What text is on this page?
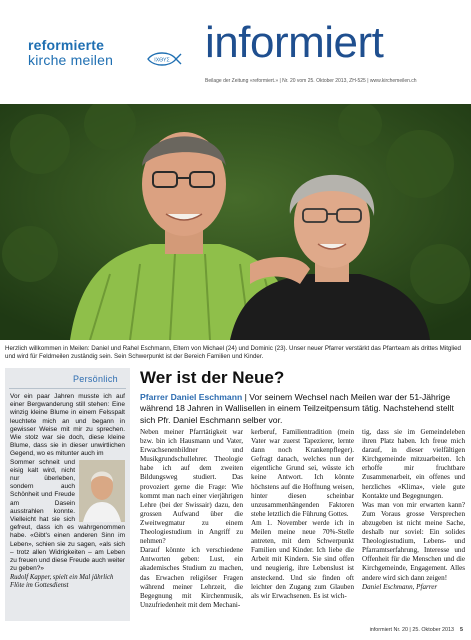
reformierte
kirche meilen	ΙΧΘΥΣ informiert
Beilage der Zeitung «reformiert.» | Nr. 20 vom 25. Oktober 2013, ZH-525 | www.kirchemeilen.ch
Herzlich willkommen in Meilen: Daniel und Rahel Eschmann, Eltern von Michael (24) und Dominic (23). Unser neuer Pfarrer verstärkt das Pfarrteam als drittes Mitglied und wird für Feldmeilen zuständig sein. Sein Schwerpunkt ist der Bereich Familien und Kinder.
Persönlich
Vor ein paar Jahren musste ich auf einer Bergwanderung still stehen: Eine winzig kleine Blume in einem Felsspalt leuchtete mich an und begann in gewisser Weise mit mir zu sprechen. Wie stolz war sie doch, diese kleine Blume, dass sie in dieser unwirtlichen Gegend, wo es mitunter auch im
Sommer schneit und eisig kalt wird, nicht nur überleben, sondern auch Schönheit und Freude am Dasein ausstrahlen konnte. Vielleicht hat sie sich gefreut, dass ich es wahrgenommen habe. «Gibt's einen anderen Sinn im Leben», schien sie zu sagen, «als sich – trotz allen Widrigkeiten – am Leben zu freuen und diese Freude auch weiter zu geben?»
Rudolf Kapper, spielt ein Mal jährlich Flöte im Gottesdienst
Wer ist der Neue?
Pfarrer Daniel Eschmann | Vor seinem Wechsel nach Meilen war der 51-Jährige während 18 Jahren in Wallisellen in einem Teilzeitpensum tätig. Nachstehend stellt sich Pfr. Daniel Eschmann selber vor.
Neben meiner Pfarrtätigkeit war bzw. bin ich Hausmann und Vater, Erwachsenenbildner und Musikgrundschullehrer. Theologie habe ich auf dem zweiten Bildungsweg studiert. Das provoziert gerne die Frage: Wie kommt man nach einer vierjährigen Lehre (bei der Swissair) dazu, den grossen Aufwand über die Zweitwegmatur zu einem Theologiestudium in Angriff zu nehmen?
Darauf könnte ich verschiedene Antworten geben: Lust, ein akademisches Studium zu machen, das Erwachen religiöser Fragen während meiner Lehrzeit, die Begegnung mit Kirchenmusik, Unzufriedenheit mit dem Mechani-
kerberuf, Familientradition (mein Vater war zuerst Tapezierer, lernte dann noch Krankenpfleger). Gefragt danach, welches nun der eigentliche Grund sei, wüsste ich keine Antwort. Ich könnte höchstens auf die Hoffnung weisen, hinter diesen scheinbar unzusammenhängenden Faktoren stehe letztlich die Führung Gottes.
Am 1. November werde ich in Meilen meine neue 70%-Stelle antreten, mit dem Schwerpunkt Familien und Kinder. Ich liebe die Arbeit mit Kindern. Sie sind offen und neugierig, ihre Lebenslust ist ansteckend. Und sie finden oft leichter den Zugang zum Glauben als wir Erwachsenen. Es ist wich-
tig, dass sie im Gemeindeleben ihren Platz haben. Ich freue mich darauf, in dieser vielfältigen Kirchgemeinde mitzuarbeiten. Ich erhoffe mir fruchtbare Zusammenarbeit, ein offenes und herzliches «Klima», viele gute Kontakte und Begegnungen.
Was man von mir erwarten kann? Zum Voraus grosse Versprechen abzugeben ist nicht meine Sache, deshalb nur soviel: Ein solides Theologiestudium, Lebens- und Pfarramtserfahrung, Interesse und Offenheit für die Menschen und die Kirchgemeinde, Engagement. Alles andere wird sich dann zeigen!
Daniel Eschmann, Pfarrer
informiert Nr. 20 | 25. Oktober 2013 5
